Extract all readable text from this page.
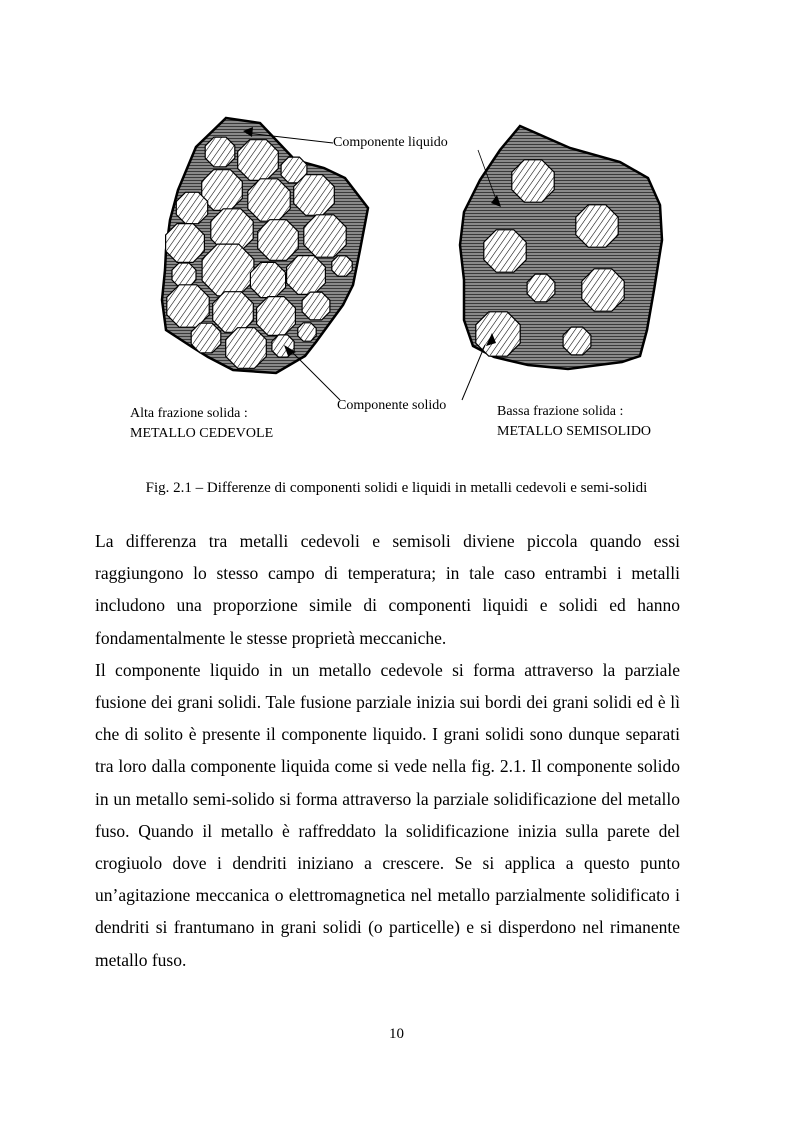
Componente liquido
Componente solido
Alta frazione solida :
METALLO CEDEVOLE
Bassa frazione solida :
METALLO SEMISOLIDO
Fig. 2.1 – Differenze di componenti solidi e liquidi in metalli cedevoli e semi-solidi

La differenza tra metalli cedevoli e semisoli diviene piccola quando essi raggiungono lo stesso campo di temperatura; in tale caso entrambi i metalli includono una proporzione simile di componenti liquidi e solidi ed hanno fondamentalmente le stesse proprietà meccaniche.

Il componente liquido in un metallo cedevole si forma attraverso la parziale fusione dei grani solidi. Tale fusione parziale inizia sui bordi dei grani solidi ed è lì che di solito è presente il componente liquido. I grani solidi sono dunque separati tra loro dalla componente liquida come si vede nella fig. 2.1. Il componente solido in un metallo semi-solido si forma attraverso la parziale solidificazione del metallo fuso. Quando il metallo è raffreddato la solidificazione inizia sulla parete del crogiuolo dove i dendriti iniziano a crescere. Se si applica a questo punto un’agitazione meccanica o elettromagnetica nel metallo parzialmente solidificato i dendriti si frantumano in grani solidi (o particelle) e si disperdono nel rimanente metallo fuso.

10
